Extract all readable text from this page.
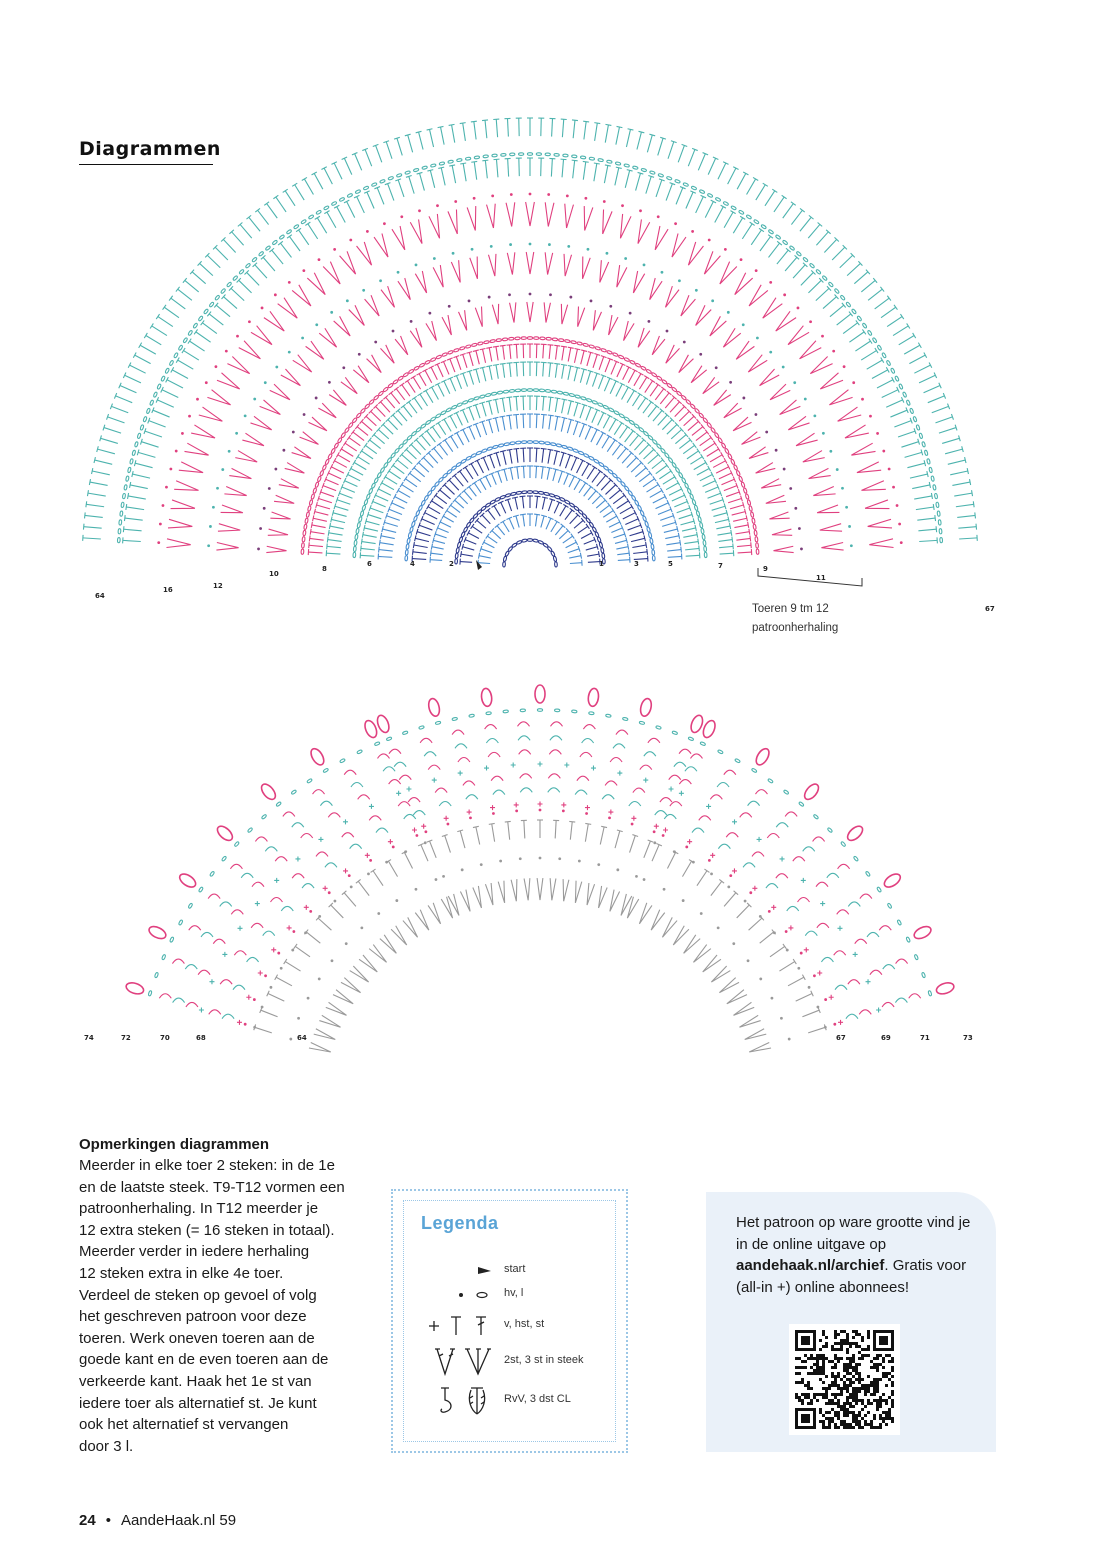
Diagrammen
64
16	12
10
8
6	4	2	1	3	5	7	9
11
67
Toeren 9 tm 12
patroonherhaling
74	72	70	68	64	67	69	71	73
Opmerkingen diagrammen
Meerder in elke toer 2 steken: in de 1e
en de laatste steek. T9-T12 vormen een
patroonherhaling. In T12 meerder je
12 extra steken (= 16 steken in totaal).
Meerder verder in iedere herhaling
12 steken extra in elke 4e toer.
Verdeel de steken op gevoel of volg
het geschreven patroon voor deze
toeren. Werk oneven toeren aan de
goede kant en de even toeren aan de
verkeerde kant. Haak het 1e st van
iedere toer als alternatief st. Je kunt
ook het alternatief st vervangen
door 3 l.
Legenda
start
hv, l
v, hst, st
2st, 3 st in steek
RvV, 3 dst CL
Het patroon op ware grootte vind je in de online uitgave op aandehaak.nl/archief. Gratis voor (all-in +) online abonnees!
24 • AandeHaak.nl 59
